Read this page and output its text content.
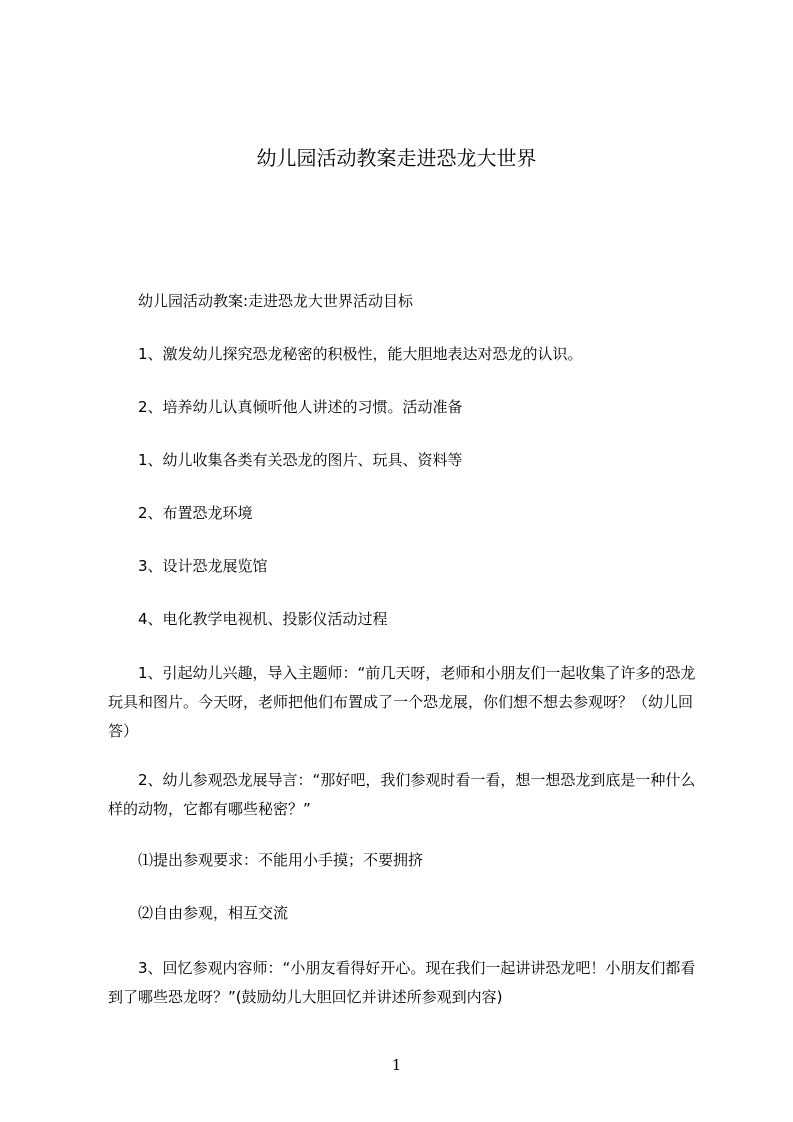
幼儿园活动教案走进恐龙大世界
幼儿园活动教案:走进恐龙大世界活动目标
1、激发幼儿探究恐龙秘密的积极性，能大胆地表达对恐龙的认识。
2、培养幼儿认真倾听他人讲述的习惯。活动准备
1、幼儿收集各类有关恐龙的图片、玩具、资料等
2、布置恐龙环境
3、设计恐龙展览馆
4、电化教学电视机、投影仪活动过程
1、引起幼儿兴趣，导入主题师：“前几天呀，老师和小朋友们一起收集了许多的恐龙玩具和图片。今天呀，老师把他们布置成了一个恐龙展，你们想不想去参观呀？（幼儿回答）
2、幼儿参观恐龙展导言：“那好吧，我们参观时看一看，想一想恐龙到底是一种什么样的动物，它都有哪些秘密？”
⑴提出参观要求：不能用小手摸；不要拥挤
⑵自由参观，相互交流
3、回忆参观内容师：“小朋友看得好开心。现在我们一起讲讲恐龙吧！小朋友们都看到了哪些恐龙呀？”(鼓励幼儿大胆回忆并讲述所参观到内容)
1
